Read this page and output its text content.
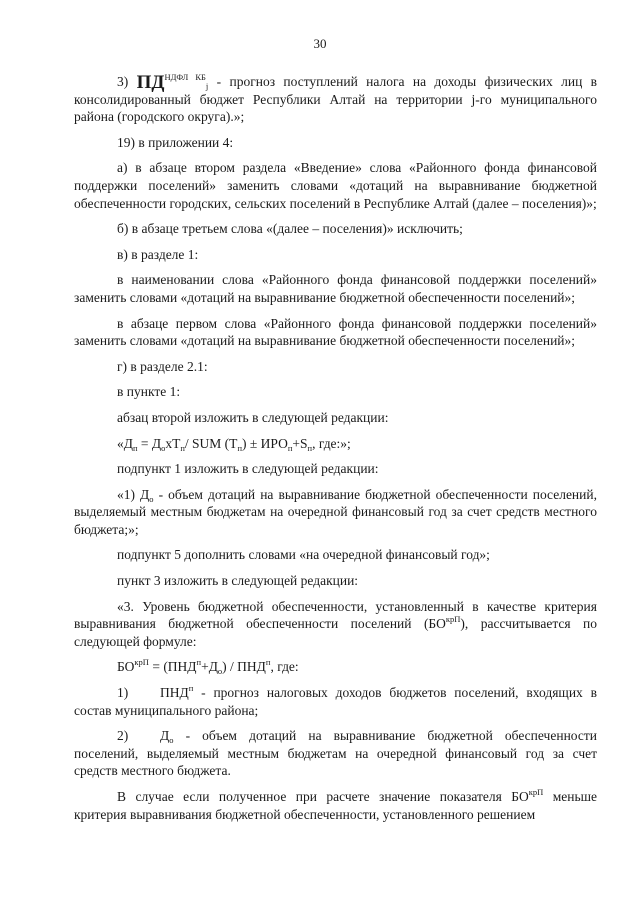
30

3) $ПД^{НДФЛ КБ}_j$ - прогноз поступлений налога на доходы физических лиц в консолидированный бюджет Республики Алтай на территории j-го муниципального района (городского округа).»;

19) в приложении 4:

а) в абзаце втором раздела «Введение» слова «Районного фонда финансовой поддержки поселений» заменить словами «дотаций на выравнивание бюджетной обеспеченности городских, сельских поселений в Республике Алтай (далее – поселения)»;

б) в абзаце третьем слова «(далее – поселения)» исключить;

в) в разделе 1:

в наименовании слова «Районного фонда финансовой поддержки поселений» заменить словами «дотаций на выравнивание бюджетной обеспеченности поселений»;

в абзаце первом слова «Районного фонда финансовой поддержки поселений» заменить словами «дотаций на выравнивание бюджетной обеспеченности поселений»;

г) в разделе 2.1:

в пункте 1:

абзац второй изложить в следующей редакции:

«$Д_п = Д_охТ_п/$ SUM $(Т_п) \pm ИРО_п+S_п$, где:»;

подпункт 1 изложить в следующей редакции:

«1) $Д_о$ - объем дотаций на выравнивание бюджетной обеспеченности поселений, выделяемый местным бюджетам на очередной финансовый год за счет средств местного бюджета;»;

подпункт 5 дополнить словами «на очередной финансовый год»;

пункт 3 изложить в следующей редакции:

«3. Уровень бюджетной обеспеченности, установленный в качестве критерия выравнивания бюджетной обеспеченности поселений $(БО^{крП})$, рассчитывается по следующей формуле:

$БО^{крП} = (ПНД^п+Д_о) / ПНД^п$, где:

1) $ПНД^п$ - прогноз налоговых доходов бюджетов поселений, входящих в состав муниципального района;

2) $Д_о$ - объем дотаций на выравнивание бюджетной обеспеченности поселений, выделяемый местным бюджетам на очередной финансовый год за счет средств местного бюджета.

В случае если полученное при расчете значение показателя $БО^{крП}$ меньше критерия выравнивания бюджетной обеспеченности, установленного решением
